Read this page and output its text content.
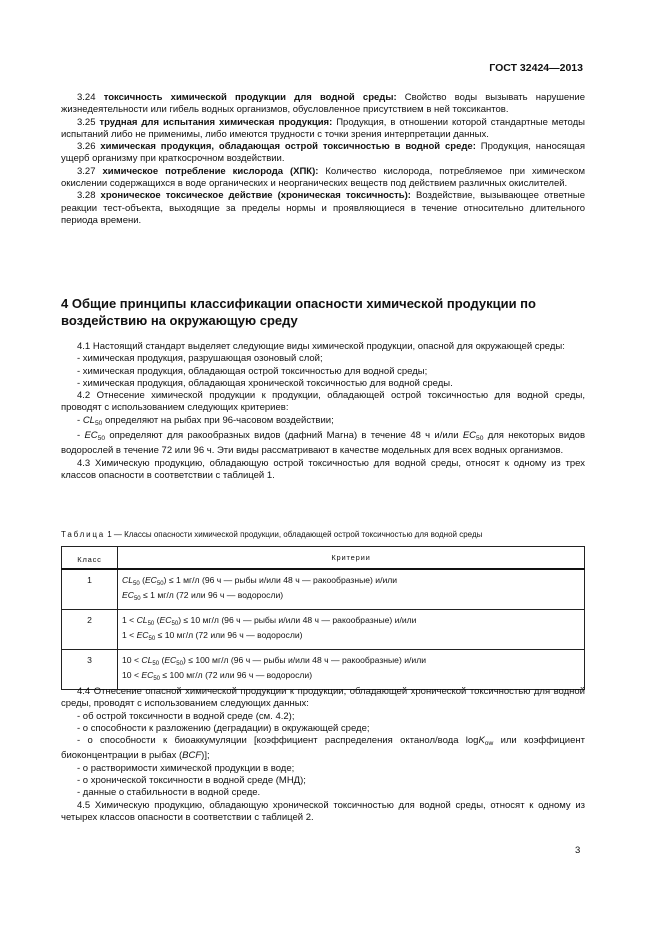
ГОСТ 32424—2013

3.24 токсичность химической продукции для водной среды: Свойство воды вызывать нарушение жизнедеятельности или гибель водных организмов, обусловленное присутствием в ней токсикантов.

3.25 трудная для испытания химическая продукция: Продукция, в отношении которой стандартные методы испытаний либо не применимы, либо имеются трудности с точки зрения интерпретации данных.

3.26 химическая продукция, обладающая острой токсичностью в водной среде: Продукция, наносящая ущерб организму при краткосрочном воздействии.

3.27 химическое потребление кислорода (ХПК): Количество кислорода, потребляемое при химическом окислении содержащихся в воде органических и неорганических веществ под действием различных окислителей.

3.28 хроническое токсическое действие (хроническая токсичность): Воздействие, вызывающее ответные реакции тест-объекта, выходящие за пределы нормы и проявляющиеся в течение относительно длительного периода времени.

4 Общие принципы классификации опасности химической продукции по воздействию на окружающую среду

4.1 Настоящий стандарт выделяет следующие виды химической продукции, опасной для окружающей среды:

- химическая продукция, разрушающая озоновый слой;

- химическая продукция, обладающая острой токсичностью для водной среды;

- химическая продукция, обладающая хронической токсичностью для водной среды.

4.2 Отнесение химической продукции к продукции, обладающей острой токсичностью для водной среды, проводят с использованием следующих критериев:

- $CL_{50}$ определяют на рыбах при 96-часовом воздействии;

- $EC_{50}$ определяют для ракообразных видов (дафний Магна) в течение 48 ч и/или $EC_{50}$ для некоторых видов водорослей в течение 72 или 96 ч. Эти виды рассматривают в качестве модельных для всех водных организмов.

4.3 Химическую продукцию, обладающую острой токсичностью для водной среды, относят к одному из трех классов опасности в соответствии с таблицей 1.

Таблица 1 — Классы опасности химической продукции, обладающей острой токсичностью для водной среды
Класс	Критерии
1	$CL_{50}$ $(EC_{50}) \le 1$ мг/л (96 ч — рыбы и/или 48 ч — ракообразные) и/или
$EC_{50} \le 1$ мг/л (72 или 96 ч — водоросли)

2	$1 < CL_{50}$ $(EC_{50}) \le 10$ мг/л (96 ч — рыбы и/или 48 ч — ракообразные) и/или
$1 < EC_{50} \le 10$ мг/л (72 или 96 ч — водоросли)

3	$10 < CL_{50}$ $(EC_{50}) \le 100$ мг/л (96 ч — рыбы и/или 48 ч — ракообразные) и/или
$10 < EC_{50} \le 100$ мг/л (72 или 96 ч — водоросли)

4.4 Отнесение опасной химической продукции к продукции, обладающей хронической токсичностью для водной среды, проводят с использованием следующих данных:

- об острой токсичности в водной среде (см. 4.2);

- о способности к разложению (деградации) в окружающей среде;

- о способности к биоаккумуляции [коэффициент распределения октанол/вода logK$_{ow}$ или коэффициент биоконцентрации в рыбах (BCF)];

- о растворимости химической продукции в воде;

- о хронической токсичности в водной среде (МНД);

- данные о стабильности в водной среде.

4.5 Химическую продукцию, обладающую хронической токсичностью для водной среды, относят к одному из четырех классов опасности в соответствии с таблицей 2.

3
